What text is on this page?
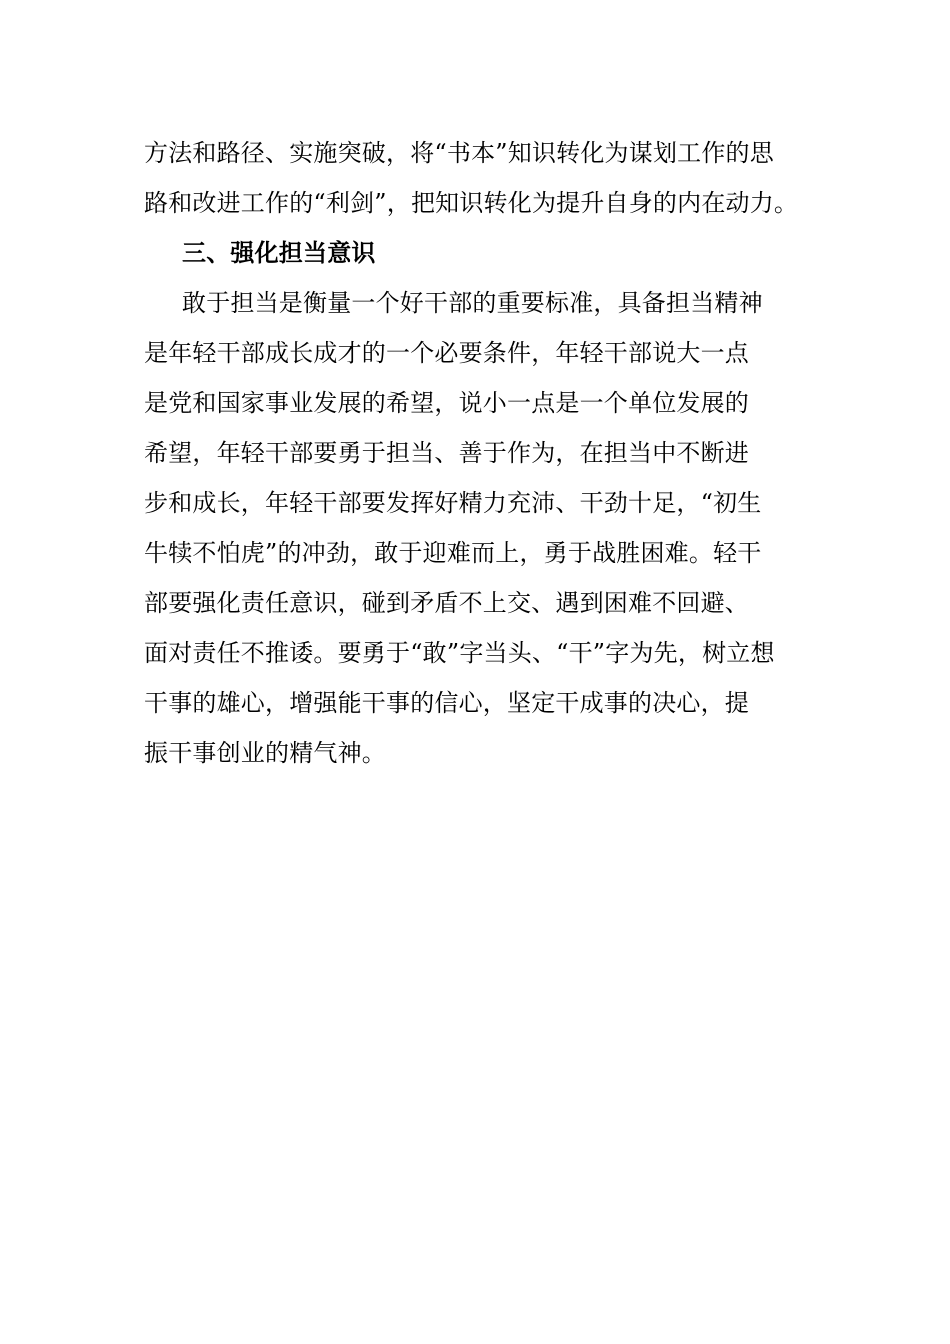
方法和路径、实施突破，将“书本”知识转化为谋划工作的思
路和改进工作的“利剑”，把知识转化为提升自身的内在动力。
三、强化担当意识
敢于担当是衡量一个好干部的重要标准，具备担当精神
是年轻干部成长成才的一个必要条件，年轻干部说大一点
是党和国家事业发展的希望，说小一点是一个单位发展的
希望，年轻干部要勇于担当、善于作为，在担当中不断进
步和成长，年轻干部要发挥好精力充沛、干劲十足，“初生
牛犊不怕虎”的冲劲，敢于迎难而上，勇于战胜困难。轻干
部要强化责任意识，碰到矛盾不上交、遇到困难不回避、
面对责任不推诿。要勇于“敢”字当头、“干”字为先，树立想
干事的雄心，增强能干事的信心，坚定干成事的决心，提
振干事创业的精气神。
